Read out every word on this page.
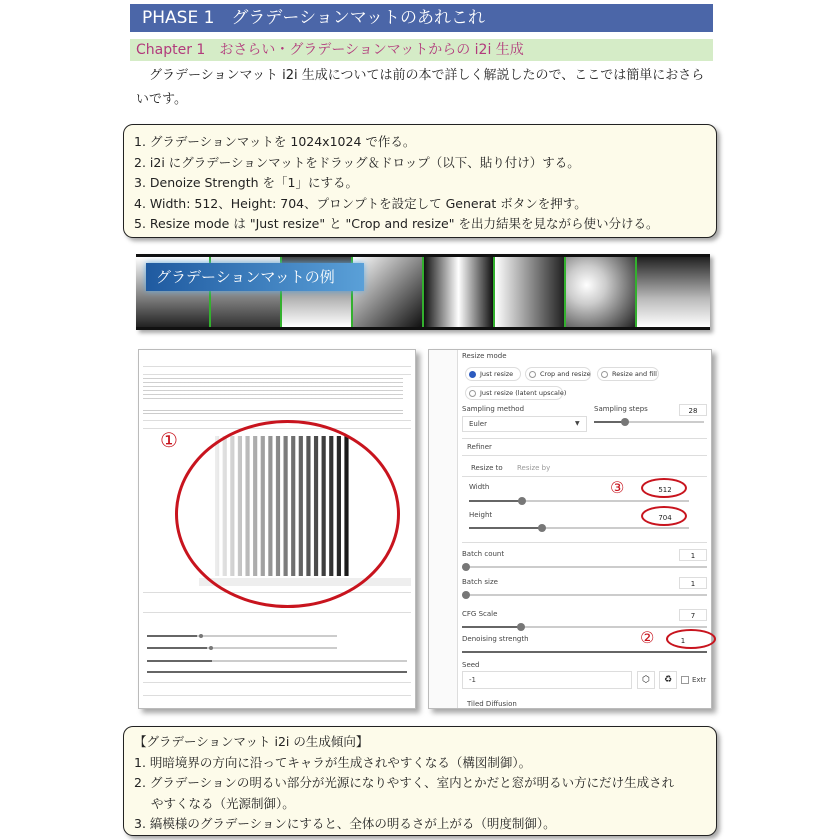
PHASE 1　グラデーションマットのあれこれ
Chapter 1　おさらい・グラデーションマットからの i2i 生成

グラデーションマット i2i 生成については前の本で詳しく解説したので、ここでは簡単におさらいです。

1. グラデーションマットを 1024x1024 で作る。

2. i2i にグラデーションマットをドラッグ＆ドロップ（以下、貼り付け）する。

3. Denoize Strength を「1」にする。

4. Width: 512、Height: 704、プロンプトを設定して Generat ボタンを押す。

5. Resize mode は "Just resize" と "Crop and resize" を出力結果を見ながら使い分ける。

グラデーションマットの例
①
Resize mode
Just resize	Crop and resize	Resize and fill
Just resize (latent upscale)
Sampling method
Euler	▼
Sampling steps	28
Refiner
Resize to Resize by
Width	512
Height	704
Batch count	1
Batch size	1
CFG Scale	7
Denoising strength	1
Seed
-1	⬡	♻	Extr
Tiled Diffusion
③
②

【グラデーションマット i2i の生成傾向】

1. 明暗境界の方向に沿ってキャラが生成されやすくなる（構図制御）。

2. グラデーションの明るい部分が光源になりやすく、室内とかだと窓が明るい方にだけ生成され

やすくなる（光源制御）。

3. 縞模様のグラデーションにすると、全体の明るさが上がる（明度制御）。
